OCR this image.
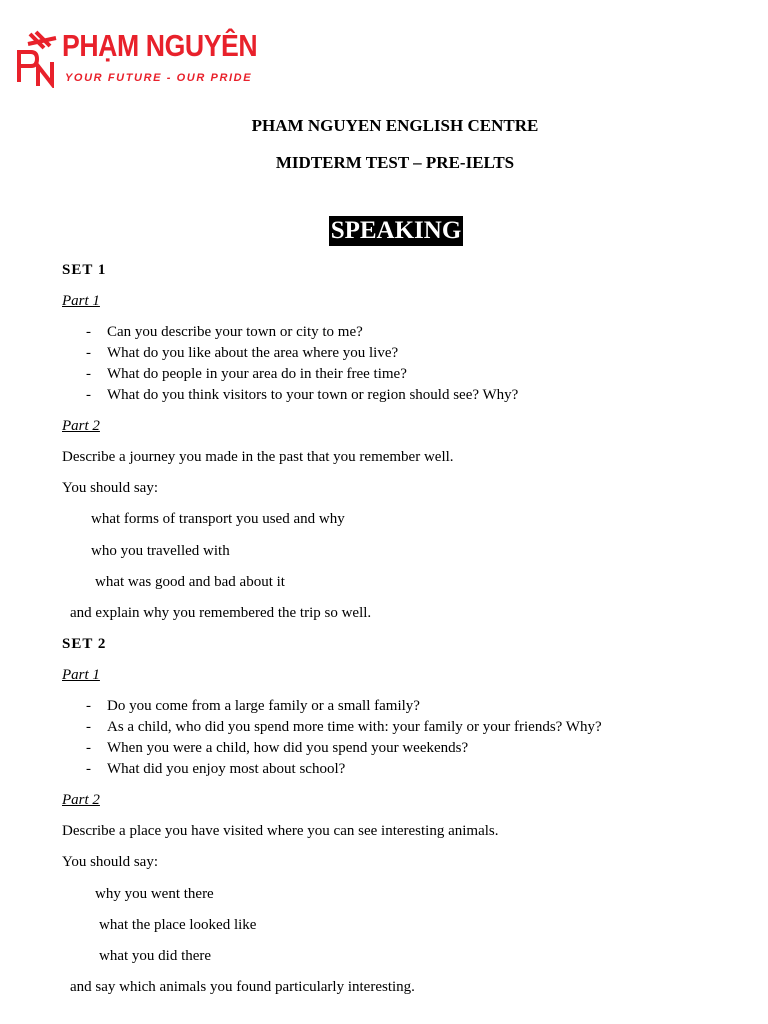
PHẠM NGUYÊN
YOUR FUTURE - OUR PRIDE
PHAM NGUYEN ENGLISH CENTRE
MIDTERM TEST – PRE-IELTS
SPEAKING
SET 1
Part 1
- Can you describe your town or city to me?
- What do you like about the area where you live?
- What do people in your area do in their free time?
- What do you think visitors to your town or region should see? Why?
Part 2
Describe a journey you made in the past that you remember well.
You should say:
what forms of transport you used and why
who you travelled with
what was good and bad about it
and explain why you remembered the trip so well.
SET 2
Part 1
- Do you come from a large family or a small family?
- As a child, who did you spend more time with: your family or your friends? Why?
- When you were a child, how did you spend your weekends?
- What did you enjoy most about school?
Part 2
Describe a place you have visited where you can see interesting animals.
You should say:
why you went there
what the place looked like
what you did there
and say which animals you found particularly interesting.
